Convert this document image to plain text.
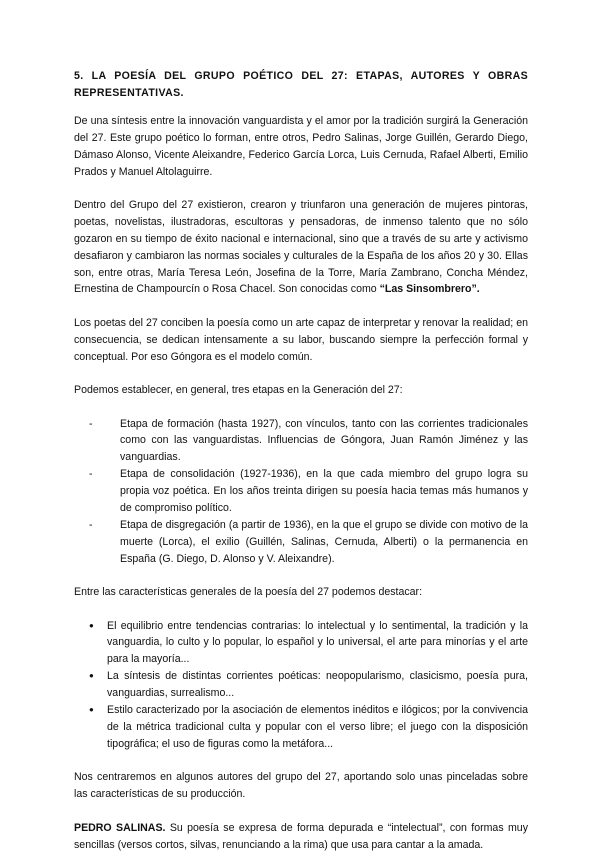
5. LA POESÍA DEL GRUPO POÉTICO DEL 27: ETAPAS, AUTORES Y OBRAS REPRESENTATIVAS.

De una síntesis entre la innovación vanguardista y el amor por la tradición surgirá la Generación del 27. Este grupo poético lo forman, entre otros, Pedro Salinas, Jorge Guillén, Gerardo Diego, Dámaso Alonso, Vicente Aleixandre, Federico García Lorca, Luis Cernuda, Rafael Alberti, Emilio Prados y Manuel Altolaguirre.

Dentro del Grupo del 27 existieron, crearon y triunfaron una generación de mujeres pintoras, poetas, novelistas, ilustradoras, escultoras y pensadoras, de inmenso talento que no sólo gozaron en su tiempo de éxito nacional e internacional, sino que a través de su arte y activismo desafiaron y cambiaron las normas sociales y culturales de la España de los años 20 y 30. Ellas son, entre otras, María Teresa León, Josefina de la Torre, María Zambrano, Concha Méndez, Ernestina de Champourcín o Rosa Chacel. Son conocidas como “Las Sinsombrero”.

Los poetas del 27 conciben la poesía como un arte capaz de interpretar y renovar la realidad; en consecuencia, se dedican intensamente a su labor, buscando siempre la perfección formal y conceptual. Por eso Góngora es el modelo común.

Podemos establecer, en general, tres etapas en la Generación del 27:

- Etapa de formación (hasta 1927), con vínculos, tanto con las corrientes tradicionales como con las vanguardistas. Influencias de Góngora, Juan Ramón Jiménez y las vanguardias.
- Etapa de consolidación (1927-1936), en la que cada miembro del grupo logra su propia voz poética. En los años treinta dirigen su poesía hacia temas más humanos y de compromiso político.
- Etapa de disgregación (a partir de 1936), en la que el grupo se divide con motivo de la muerte (Lorca), el exilio (Guillén, Salinas, Cernuda, Alberti) o la permanencia en España (G. Diego, D. Alonso y V. Aleixandre).

Entre las características generales de la poesía del 27 podemos destacar:

● El equilibrio entre tendencias contrarias: lo intelectual y lo sentimental, la tradición y la vanguardia, lo culto y lo popular, lo español y lo universal, el arte para minorías y el arte para la mayoría...
● La síntesis de distintas corrientes poéticas: neopopularismo, clasicismo, poesía pura, vanguardias, surrealismo...
● Estilo caracterizado por la asociación de elementos inéditos e ilógicos; por la convivencia de la métrica tradicional culta y popular con el verso libre; el juego con la disposición tipográfica; el uso de figuras como la metáfora...

Nos centraremos en algunos autores del grupo del 27, aportando solo unas pinceladas sobre las características de su producción.

PEDRO SALINAS. Su poesía se expresa de forma depurada e “intelectual”, con formas muy sencillas (versos cortos, silvas, renunciando a la rima) que usa para cantar a la amada.
